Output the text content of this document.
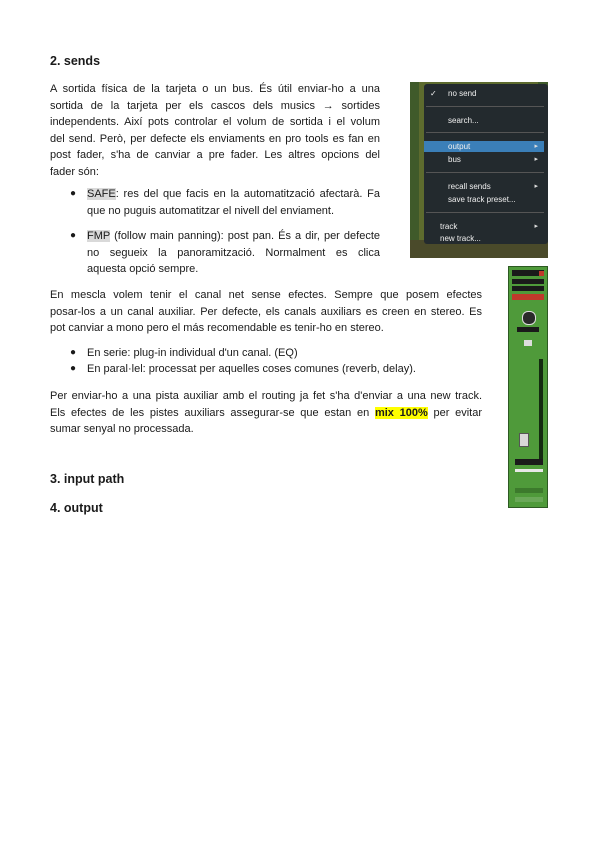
2. sends

A sortida física de la tarjeta o un bus. És útil enviar-ho a una

sortida de la tarjeta per els cascos dels musics → sortides

independents. Així pots controlar el volum de sortida i el volum

del send. Però, per defecte els enviaments en pro tools es fan en

post fader, s'ha de canviar a pre fader. Les altres opcions del

fader són:

● SAFE: res del que facis en la automatització afectarà. Fa

que no puguis automatitzar el nivell del enviament.

● FMP (follow main panning): post pan. És a dir, per defecte

no segueix la panoramització. Normalment es clica

aquesta opció sempre.

✓ no send
search...
output	▸
bus	▸
recall sends	▸
save track preset...
track	▸
new track...

En mescla volem tenir el canal net sense efectes. Sempre que posem efectes

posar-los a un canal auxiliar. Per defecte, els canals auxiliars es creen en stereo. Es

pot canviar a mono pero el más recomendable es tenir-ho en stereo.

● En serie: plug-in individual d'un canal. (EQ)

● En paral·lel: processat per aquelles coses comunes (reverb, delay).

Per enviar-ho a una pista auxiliar amb el routing ja fet s'ha d'enviar a una new track.

Els efectes de les pistes auxiliars assegurar-se que estan en mix 100% per evitar

sumar senyal no processada.

3. input path
4. output
